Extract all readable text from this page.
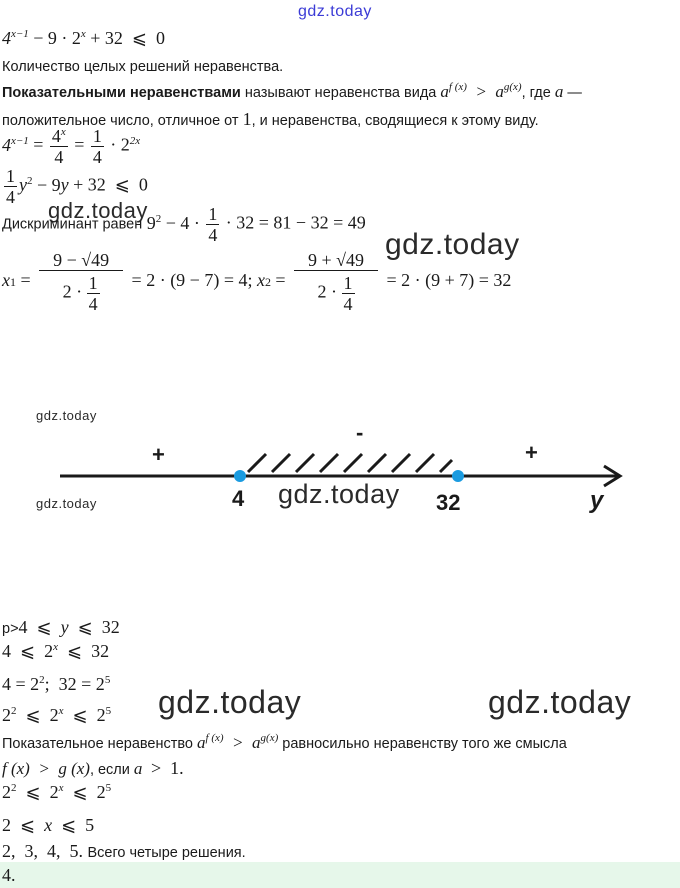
gdz.today
gdz.today
gdz.today
gdz.today
gdz.today	gdz.today
gdz.today	gdz.today
$4^{x-1} - 9 \cdot 2^x + 32$  ⩽  0
Количество целых решений неравенства.
Показательными неравенствами называют неравенства вида $a^{f (x)} > a^{g(x)}$, где a —
положительное число, отличное от 1, и неравенства, сводящиеся к этому виду.
$4^{x-1} = \frac{4^x}{4} = \frac{1}{4} \cdot 2^{2x}$
$\frac{1}{4} y^2 - 9y + 32$  ⩽  0
Дискриминант равен $9^2 - 4 \cdot \frac{1}{4} \cdot 32 = 81 - 32 = 49$
$x1 = \frac{9 - √49}{2 \cdot \frac{1}{4}} = 2 \cdot (9 - 7) = 4$; $x2 = \frac{9 + √49}{2 \cdot \frac{1}{4}} = 2 \cdot (9 + 7) = 32$
+
-
+
4	32	y
p>4  ⩽  y  ⩽  32
4  ⩽  2$^x$  ⩽  32
$4 = 2^2$;  $32 = 2^5$
$2^2$  ⩽  2$^x$  ⩽  $2^5$
Показательное неравенство $a^{f (x)} > a^{g(x)}$ равносильно неравенству того же смысла
f (x)  >  g (x), если a  >  1.
$2^2$  ⩽  2$^x$  ⩽  $2^5$
2  ⩽  x  ⩽  5
2,  3,  4,  5. Всего четыре решения.
4.
